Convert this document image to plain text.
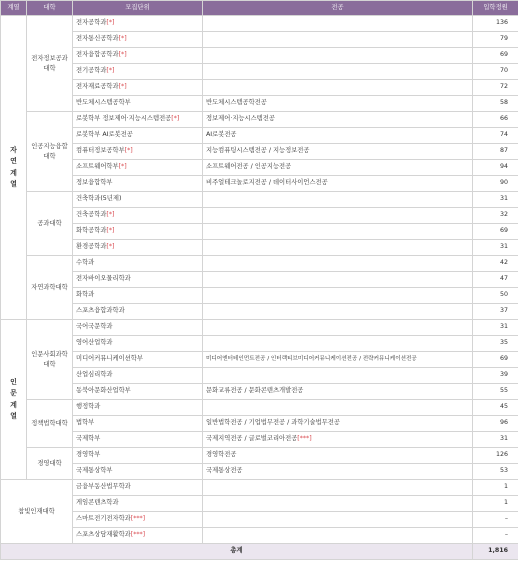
계열	대학	모집단위	전공	입학정원
자연계열	전자정보공과대학	전자공학과[*]		136
		전자통신공학과[*]		79
		전자융합공학과[*]		69
		전기공학과[*]		70
		전자재료공학과[*]		72
		반도체시스템공학부	반도체시스템공학전공	58
	인공지능융합대학	로봇학부 정보제어·지능시스템전공[*]	정보제어·지능시스템전공	66
		로봇학부 AI로봇전공	AI로봇전공	74
		컴퓨터정보공학부[*]	지능컴퓨팅시스템전공 / 지능정보전공	87
		소프트웨어학부[*]	소프트웨어전공 / 인공지능전공	94
		정보융합학부	비주얼테크놀로지전공 / 데이터사이언스전공	90
	공과대학	건축학과(5년제)		31
		건축공학과[*]		32
		화학공학과[*]		69
		환경공학과[*]		31
	자연과학대학	수학과		42
		전자바이오물리학과		47
		화학과		50
		스포츠융합과학과		37
인문계열	인문사회과학대학	국어국문학과		31
		영어산업학과		35
		미디어커뮤니케이션학부	미디어엔터테인먼트전공 / 인터랙티브미디어커뮤니케이션전공 / 전략커뮤니케이션전공	69
		산업심리학과		39
		동북아문화산업학부	문화교류전공 / 문화콘텐츠개발전공	55
	정책법학대학	행정학과		45
		법학부	일반법학전공 / 기업법무전공 / 과학기술법무전공	96
		국제학부	국제지역전공 / 글로벌코리아전공[***]	31
	경영대학	경영학부	경영학전공	126
		국제통상학부	국제통상전공	53
참빛인재대학		금융부동산법무학과		1
		게임콘텐츠학과		1
		스마트전기전자학과[***]		–
		스포츠상담재활학과[***]		–
총계				1,816
